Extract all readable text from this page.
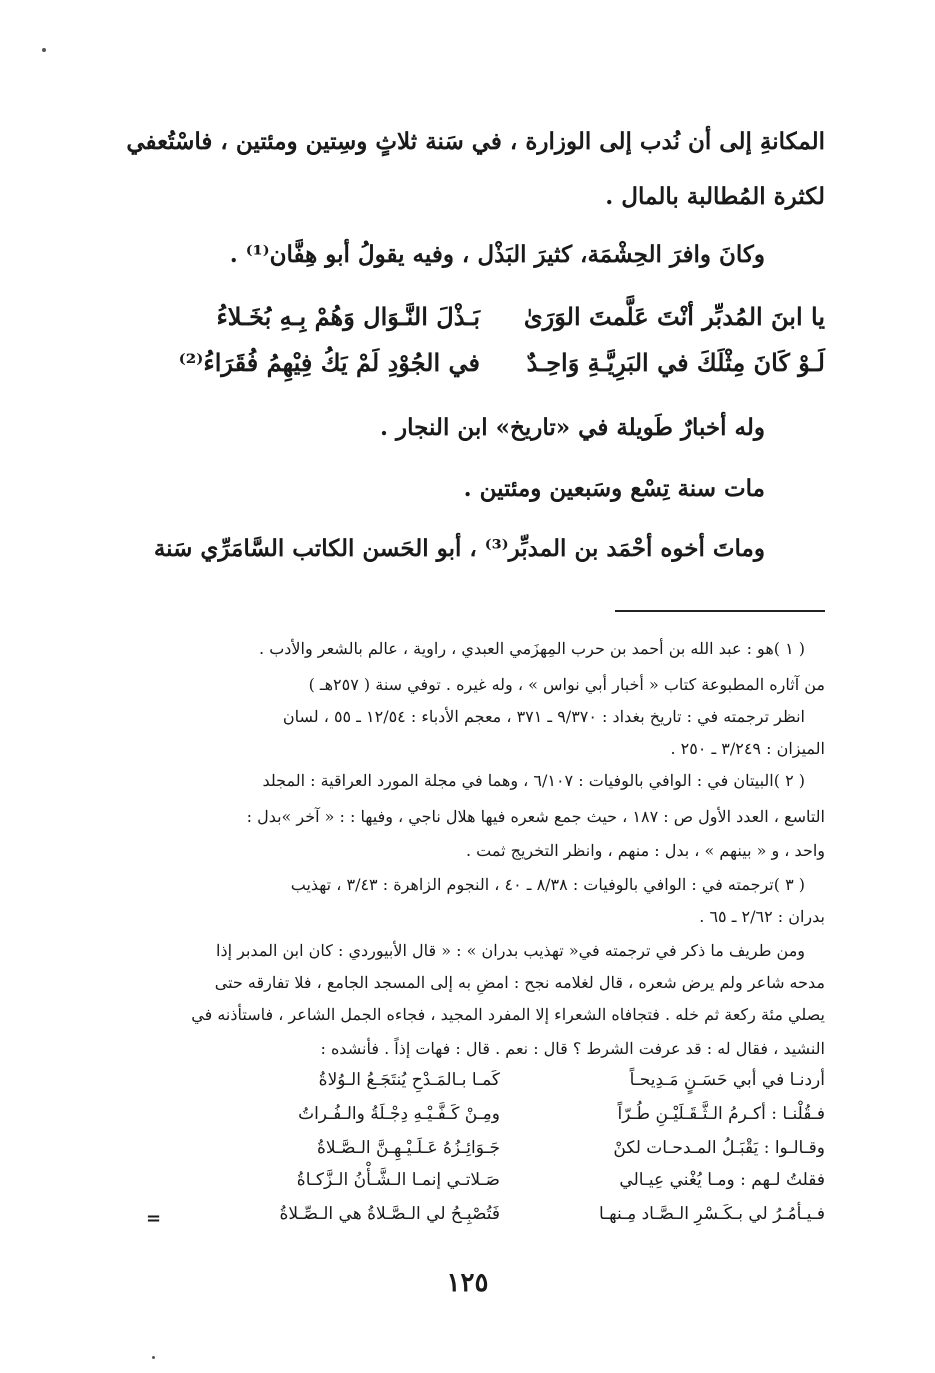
المكانةِ إلى أن نُدب إلى الوزارة ، في سَنة ثلاثٍ وسِتين ومئتين ، فاسْتُعفي

لكثرة المُطالبة بالمال .

وكانَ وافرَ الحِشْمَة، كثيرَ البَذْل ، وفيه يقولُ أبو هِفَّان⁽¹⁾ .

يا ابنَ المُدبِّر أنْتَ عَلَّمتَ الوَرَىٰ
بَـذْلَ النَّـوَال وَهُمْ بِـهِ بُخَـلاءُ
لَـوْ كَانَ مِثْلَكَ في البَرِيَّـةِ وَاحِـدٌ
في الجُوْدِ لَمْ يَكُ فِيْهِمُ فُقَرَاءُ⁽²⁾

وله أخبارٌ طَويلة في «تاريخ» ابن النجار .

مات سنة تِسْع وسَبعين ومئتين .

وماتَ أخوه أحْمَد بن المدبِّر⁽³⁾ ، أبو الحَسن الكاتب السَّامَرِّي سَنة

( ١ )هو : عبد الله بن أحمد بن حرب المِهزَمي العبدي ، راوية ، عالم بالشعر والأدب .

من آثاره المطبوعة كتاب « أخبار أبي نواس » ، وله غيره . توفي سنة ( ٢٥٧هـ )

انظر ترجمته في : تاريخ بغداد : ٩/٣٧٠ ـ ٣٧١ ، معجم الأدباء : ١٢/٥٤ ـ ٥٥ ، لسان

الميزان : ٣/٢٤٩ ـ ٢٥٠ .

( ٢ )البيتان في : الوافي بالوفيات : ٦/١٠٧ ، وهما في مجلة المورد العراقية : المجلد

التاسع ، العدد الأول ص : ١٨٧ ، حيث جمع شعره فيها هلال ناجي ، وفيها : : « آخر »بدل :

واحد ، و « بينهم » ، بدل : منهم ، وانظر التخريج ثمت .

( ٣ )ترجمته في : الوافي بالوفيات : ٨/٣٨ ـ ٤٠ ، النجوم الزاهرة : ٣/٤٣ ، تهذيب

بدران : ٢/٦٢ ـ ٦٥ .

ومن طريف ما ذكر في ترجمته في« تهذيب بدران » : « قال الأبيوردي : كان ابن المدبر إذا

مدحه شاعر ولم يرض شعره ، قال لغلامه نجح : امضِ به إلى المسجد الجامع ، فلا تفارقه حتى

يصلي مئة ركعة ثم خله . فتجافاه الشعراء إلا المفرد المجيد ، فجاءه الجمل الشاعر ، فاستأذنه في

النشيد ، فقال له : قد عرفت الشرط ؟ قال : نعم . قال : فهات إذاً . فأنشده :

أردنـا في أبي حَسَـنٍ مَـدِيحـاً
كَمـا بـالمَـدْحِ يُنتَجَـعُ الـوُلاةُ
فـقُلْنـا : أكـرمُ الـثَّـقَـلَيْـنِ طُـرّاً
ومِـنْ كَـفَّـيْـهِ دِجْـلَةُ والـفُـراتُ
وقـالـوا : يَقْبَـلُ المـدحـات لكنْ
جَـوَائِـزُهُ عَـلَـيْـهِـنَّ الـصَّـلاةُ
فقلتُ لـهم : ومـا يُغْني عِيـالي
صَـلاتـي إنمـا الـشَّـأْنُ الـزَّكـاةُ
فـيـأمُـرُ لي بـكَـسْرِ الـصَّـاد مِـنهـا
فَتُصْبِـحُ لي الـصَّـلاةُ هي الـصِّـلاةُ
=
١٢٥
